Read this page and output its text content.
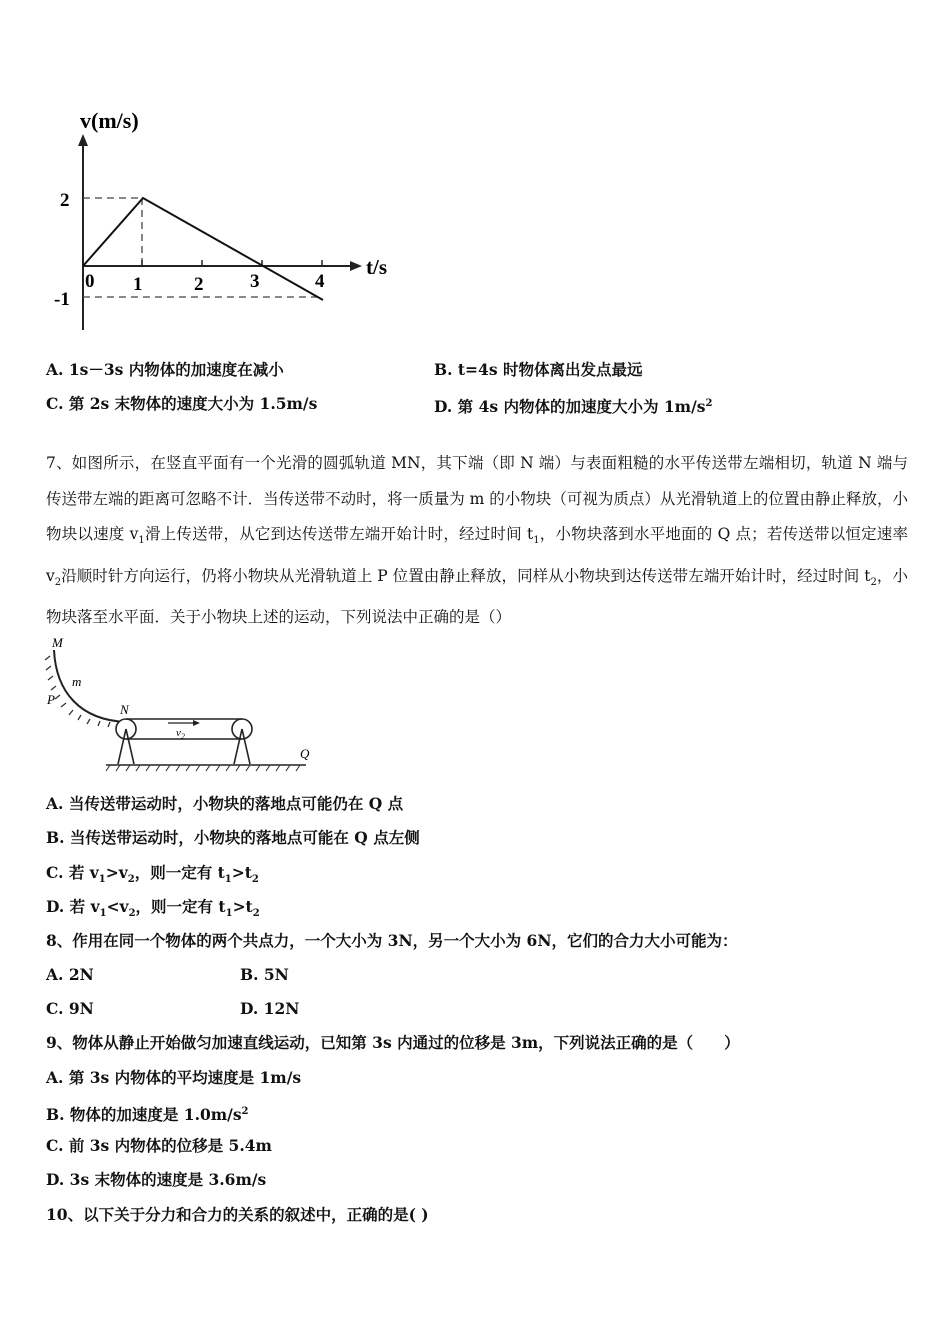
v(m/s)
t/s
2
-1
0 1	2 3	4
A. 1s－3s 内物体的加速度在减小	B. t=4s 时物体离出发点最远
C. 第 2s 末物体的速度大小为 1.5m/s	D. 第 4s 内物体的加速度大小为 $1m/s^2$
7、如图所示，在竖直平面有一个光滑的圆弧轨道 MN，其下端（即 N 端）与表面粗糙的水平传送带左端相切，轨道 N 端与传送带左端的距离可忽略不计．当传送带不动时，将一质量为 m 的小物块（可视为质点）从光滑轨道上的位置由静止释放，小物块以速度 $v_1$滑上传送带，从它到达传送带左端开始计时，经过时间 $t_1$，小物块落到水平地面的 Q 点；若传送带以恒定速率 $v_2$沿顺时针方向运行，仍将小物块从光滑轨道上 P 位置由静止释放，同样从小物块到达传送带左端开始计时，经过时间 $t_2$，小物块落至水平面．关于小物块上述的运动，下列说法中正确的是（）
M
m
P
N
$v_2$
Q
A. 当传送带运动时，小物块的落地点可能仍在 Q 点
B. 当传送带运动时，小物块的落地点可能在 Q 点左侧
C. 若 $v_1>v_2$，则一定有 $t_1>t_2$
D. 若 $v_1<v_2$，则一定有 $t_1>t_2$
8、作用在同一个物体的两个共点力，一个大小为 3N，另一个大小为 6N，它们的合力大小可能为：
A. 2N	B. 5N
C. 9N	D. 12N
9、物体从静止开始做匀加速直线运动，已知第 3s 内通过的位移是 3m，下列说法正确的是（　　）
A. 第 3s 内物体的平均速度是 1m/s
B. 物体的加速度是 $1.0m/s^2$
C. 前 3s 内物体的位移是 5.4m
D. 3s 末物体的速度是 3.6m/s
10、以下关于分力和合力的关系的叙述中，正确的是( )
